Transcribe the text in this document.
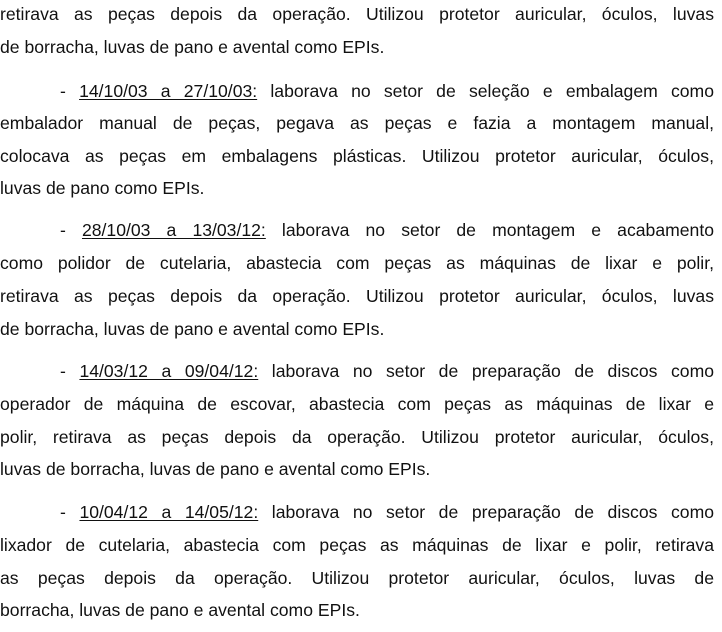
retirava as peças depois da operação. Utilizou protetor auricular, óculos, luvas
de borracha, luvas de pano e avental como EPIs.
- 14/10/03 a 27/10/03: laborava no setor de seleção e embalagem como
embalador manual de peças, pegava as peças e fazia a montagem manual,
colocava as peças em embalagens plásticas. Utilizou protetor auricular, óculos,
luvas de pano como EPIs.
- 28/10/03 a 13/03/12: laborava no setor de montagem e acabamento
como polidor de cutelaria, abastecia com peças as máquinas de lixar e polir,
retirava as peças depois da operação. Utilizou protetor auricular, óculos, luvas
de borracha, luvas de pano e avental como EPIs.
- 14/03/12 a 09/04/12: laborava no setor de preparação de discos como
operador de máquina de escovar, abastecia com peças as máquinas de lixar e
polir, retirava as peças depois da operação. Utilizou protetor auricular, óculos,
luvas de borracha, luvas de pano e avental como EPIs.
- 10/04/12 a 14/05/12: laborava no setor de preparação de discos como
lixador de cutelaria, abastecia com peças as máquinas de lixar e polir, retirava
as peças depois da operação. Utilizou protetor auricular, óculos, luvas de
borracha, luvas de pano e avental como EPIs.
